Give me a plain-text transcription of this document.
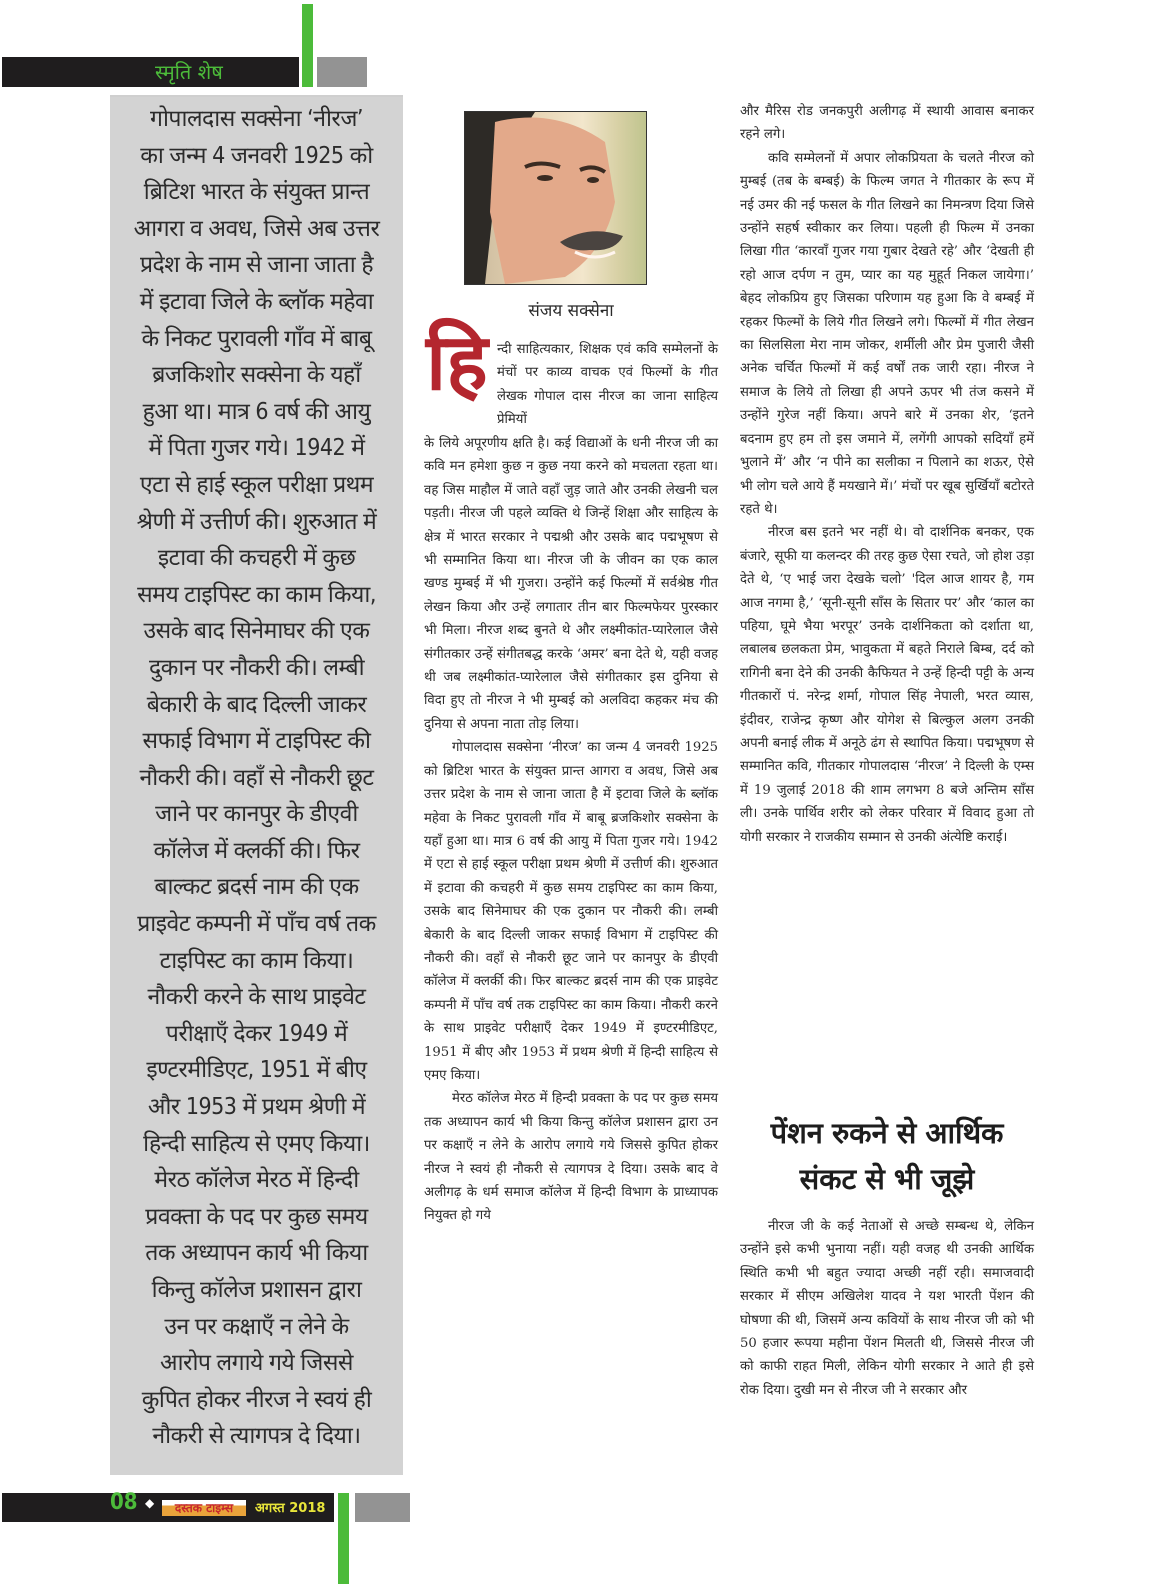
स्मृति शेष

गोपालदास सक्सेना ‘नीरज’

का जन्म 4 जनवरी 1925 को

ब्रिटिश भारत के संयुक्त प्रान्त

आगरा व अवध, जिसे अब उत्तर

प्रदेश के नाम से जाना जाता है

में इटावा जिले के ब्लॉक महेवा

के निकट पुरावली गाँव में बाबू

ब्रजकिशोर सक्सेना के यहाँ

हुआ था। मात्र 6 वर्ष की आयु

में पिता गुजर गये। 1942 में

एटा से हाई स्कूल परीक्षा प्रथम

श्रेणी में उत्तीर्ण की। शुरुआत में

इटावा की कचहरी में कुछ

समय टाइपिस्ट का काम किया,

उसके बाद सिनेमाघर की एक

दुकान पर नौकरी की। लम्बी

बेकारी के बाद दिल्ली जाकर

सफाई विभाग में टाइपिस्ट की

नौकरी की। वहाँ से नौकरी छूट

जाने पर कानपुर के डीएवी

कॉलेज में क्लर्की की। फिर

बाल्कट ब्रदर्स नाम की एक

प्राइवेट कम्पनी में पाँच वर्ष तक

टाइपिस्ट का काम किया।

नौकरी करने के साथ प्राइवेट

परीक्षाएँ देकर 1949 में

इण्टरमीडिएट, 1951 में बीए

और 1953 में प्रथम श्रेणी में

हिन्दी साहित्य से एमए किया।

मेरठ कॉलेज मेरठ में हिन्दी

प्रवक्ता के पद पर कुछ समय

तक अध्यापन कार्य भी किया

किन्तु कॉलेज प्रशासन द्वारा

उन पर कक्षाएँ न लेने के

आरोप लगाये गये जिससे

कुपित होकर नीरज ने स्वयं ही

नौकरी से त्यागपत्र दे दिया।

संजय सक्सेना
हि न्दी साहित्यकार, शिक्षक एवं कवि सम्मेलनों के मंचों पर काव्य वाचक एवं फिल्मों के गीत लेखक गोपाल दास नीरज का जाना साहित्य प्रेमियों

के लिये अपूरणीय क्षति है। कई विद्याओं के धनी नीरज जी का कवि मन हमेशा कुछ न कुछ नया करने को मचलता रहता था। वह जिस माहौल में जाते वहाँ जुड़ जाते और उनकी लेखनी चल पड़ती। नीरज जी पहले व्यक्ति थे जिन्हें शिक्षा और साहित्य के क्षेत्र में भारत सरकार ने पद्मश्री और उसके बाद पद्मभूषण से भी सम्मानित किया था। नीरज जी के जीवन का एक काल खण्ड मुम्बई में भी गुजरा। उन्होंने कई फिल्मों में सर्वश्रेष्ठ गीत लेखन किया और उन्हें लगातार तीन बार फिल्मफेयर पुरस्कार भी मिला। नीरज शब्द बुनते थे और लक्ष्मीकांत-प्यारेलाल जैसे संगीतकार उन्हें संगीतबद्ध करके ‘अमर’ बना देते थे, यही वजह थी जब लक्ष्मीकांत-प्यारेलाल जैसे संगीतकार इस दुनिया से विदा हुए तो नीरज ने भी मुम्बई को अलविदा कहकर मंच की दुनिया से अपना नाता तोड़ लिया।

गोपालदास सक्सेना ‘नीरज’ का जन्म 4 जनवरी 1925 को ब्रिटिश भारत के संयुक्त प्रान्त आगरा व अवध, जिसे अब उत्तर प्रदेश के नाम से जाना जाता है में इटावा जिले के ब्लॉक महेवा के निकट पुरावली गाँव में बाबू ब्रजकिशोर सक्सेना के यहाँ हुआ था। मात्र 6 वर्ष की आयु में पिता गुजर गये। 1942 में एटा से हाई स्कूल परीक्षा प्रथम श्रेणी में उत्तीर्ण की। शुरुआत में इटावा की कचहरी में कुछ समय टाइपिस्ट का काम किया, उसके बाद सिनेमाघर की एक दुकान पर नौकरी की। लम्बी बेकारी के बाद दिल्ली जाकर सफाई विभाग में टाइपिस्ट की नौकरी की। वहाँ से नौकरी छूट जाने पर कानपुर के डीएवी कॉलेज में क्लर्की की। फिर बाल्कट ब्रदर्स नाम की एक प्राइवेट कम्पनी में पाँच वर्ष तक टाइपिस्ट का काम किया। नौकरी करने के साथ प्राइवेट परीक्षाएँ देकर 1949 में इण्टरमीडिएट, 1951 में बीए और 1953 में प्रथम श्रेणी में हिन्दी साहित्य से एमए किया।

मेरठ कॉलेज मेरठ में हिन्दी प्रवक्ता के पद पर कुछ समय तक अध्यापन कार्य भी किया किन्तु कॉलेज प्रशासन द्वारा उन पर कक्षाएँ न लेने के आरोप लगाये गये जिससे कुपित होकर नीरज ने स्वयं ही नौकरी से त्यागपत्र दे दिया। उसके बाद वे अलीगढ़ के धर्म समाज कॉलेज में हिन्दी विभाग के प्राध्यापक नियुक्त हो गये

और मैरिस रोड जनकपुरी अलीगढ़ में स्थायी आवास बनाकर रहने लगे।

कवि सम्मेलनों में अपार लोकप्रियता के चलते नीरज को मुम्बई (तब के बम्बई) के फिल्म जगत ने गीतकार के रूप में नई उमर की नई फसल के गीत लिखने का निमन्त्रण दिया जिसे उन्होंने सहर्ष स्वीकार कर लिया। पहली ही फिल्म में उनका लिखा गीत ‘कारवाँ गुजर गया गुबार देखते रहे’ और ‘देखती ही रहो आज दर्पण न तुम, प्यार का यह मुहूर्त निकल जायेगा।’ बेहद लोकप्रिय हुए जिसका परिणाम यह हुआ कि वे बम्बई में रहकर फिल्मों के लिये गीत लिखने लगे। फिल्मों में गीत लेखन का सिलसिला मेरा नाम जोकर, शर्मीली और प्रेम पुजारी जैसी अनेक चर्चित फिल्मों में कई वर्षों तक जारी रहा। नीरज ने समाज के लिये तो लिखा ही अपने ऊपर भी तंज कसने में उन्होंने गुरेज नहीं किया। अपने बारे में उनका शेर, ‘इतने बदनाम हुए हम तो इस जमाने में, लगेंगी आपको सदियाँ हमें भुलाने में’ और ‘न पीने का सलीका न पिलाने का शऊर, ऐसे भी लोग चले आये हैं मयखाने में।’ मंचों पर खूब सुर्खियाँ बटोरते रहते थे।

नीरज बस इतने भर नहीं थे। वो दार्शनिक बनकर, एक बंजारे, सूफी या कलन्दर की तरह कुछ ऐसा रचते, जो होश उड़ा देते थे, ‘ए भाई जरा देखके चलो’ 'दिल आज शायर है, गम आज नगमा है,’ ‘सूनी-सूनी साँस के सितार पर’ और ‘काल का पहिया, घूमे भैया भरपूर’ उनके दार्शनिकता को दर्शाता था, लबालब छलकता प्रेम, भावुकता में बहते निराले बिम्ब, दर्द को रागिनी बना देने की उनकी कैफियत ने उन्हें हिन्दी पट्टी के अन्य गीतकारों पं. नरेन्द्र शर्मा, गोपाल सिंह नेपाली, भरत व्यास, इंदीवर, राजेन्द्र कृष्ण और योगेश से बिल्कुल अलग उनकी अपनी बनाई लीक में अनूठे ढंग से स्थापित किया। पद्मभूषण से सम्मानित कवि, गीतकार गोपालदास ‘नीरज’ ने दिल्ली के एम्स में 19 जुलाई 2018 की शाम लगभग 8 बजे अन्तिम साँस ली। उनके पार्थिव शरीर को लेकर परिवार में विवाद हुआ तो योगी सरकार ने राजकीय सम्मान से उनकी अंत्येष्टि कराई।

पेंशन रुकने से आर्थिक संकट से भी जूझे

नीरज जी के कई नेताओं से अच्छे सम्बन्ध थे, लेकिन उन्होंने इसे कभी भुनाया नहीं। यही वजह थी उनकी आर्थिक स्थिति कभी भी बहुत ज्यादा अच्छी नहीं रही। समाजवादी सरकार में सीएम अखिलेश यादव ने यश भारती पेंशन की घोषणा की थी, जिसमें अन्य कवियों के साथ नीरज जी को भी 50 हजार रूपया महीना पेंशन मिलती थी, जिससे नीरज जी को काफी राहत मिली, लेकिन योगी सरकार ने आते ही इसे रोक दिया। दुखी मन से नीरज जी ने सरकार और

08 ◆	दस्तक टाइम्स	अगस्त 2018
